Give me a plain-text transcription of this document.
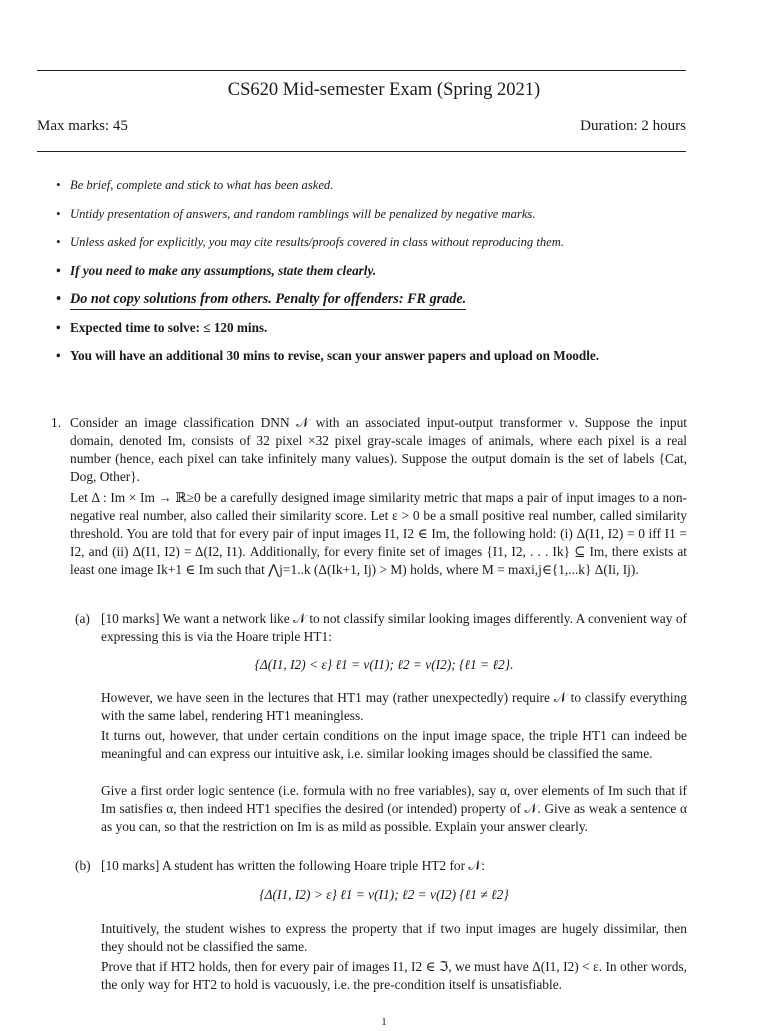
CS620 Mid-semester Exam (Spring 2021)
Max marks: 45	Duration: 2 hours
• Be brief, complete and stick to what has been asked.
• Untidy presentation of answers, and random ramblings will be penalized by negative marks.
• Unless asked for explicitly, you may cite results/proofs covered in class without reproducing them.
• If you need to make any assumptions, state them clearly.
• Do not copy solutions from others. Penalty for offenders: FR grade.
• Expected time to solve: ≤ 120 mins.
• You will have an additional 30 mins to revise, scan your answer papers and upload on Moodle.
1. Consider an image classification DNN 𝒩 with an associated input-output transformer ν. Suppose the input domain, denoted Im, consists of 32 pixel ×32 pixel gray-scale images of animals, where each pixel is a real number (hence, each pixel can take infinitely many values). Suppose the output domain is the set of labels {Cat, Dog, Other}.

Let Δ : Im × Im → ℝ≥0 be a carefully designed image similarity metric that maps a pair of input images to a non-negative real number, also called their similarity score. Let ε > 0 be a small positive real number, called similarity threshold. You are told that for every pair of input images I1, I2 ∈ Im, the following hold: (i) Δ(I1, I2) = 0 iff I1 = I2, and (ii) Δ(I1, I2) = Δ(I2, I1). Additionally, for every finite set of images {I1, I2, . . . Ik} ⊆ Im, there exists at least one image Ik+1 ∈ Im such that ⋀j=1..k (Δ(Ik+1, Ij) > M) holds, where M = maxi,j∈{1,...k} Δ(Ii, Ij).

(a) [10 marks] We want a network like 𝒩 to not classify similar looking images differently. A convenient way of expressing this is via the Hoare triple HT1:

{Δ(I1, I2) < ε} ℓ1 = ν(I1); ℓ2 = ν(I2); {ℓ1 = ℓ2}.

However, we have seen in the lectures that HT1 may (rather unexpectedly) require 𝒩 to classify everything with the same label, rendering HT1 meaningless.

It turns out, however, that under certain conditions on the input image space, the triple HT1 can indeed be meaningful and can express our intuitive ask, i.e. similar looking images should be classified the same.

Give a first order logic sentence (i.e. formula with no free variables), say α, over elements of Im such that if Im satisfies α, then indeed HT1 specifies the desired (or intended) property of 𝒩. Give as weak a sentence α as you can, so that the restriction on Im is as mild as possible. Explain your answer clearly.

(b) [10 marks] A student has written the following Hoare triple HT2 for 𝒩:

{Δ(I1, I2) > ε} ℓ1 = ν(I1); ℓ2 = ν(I2) {ℓ1 ≠ ℓ2}

Intuitively, the student wishes to express the property that if two input images are hugely dissimilar, then they should not be classified the same.

Prove that if HT2 holds, then for every pair of images I1, I2 ∈ ℑ, we must have Δ(I1, I2) < ε. In other words, the only way for HT2 to hold is vacuously, i.e. the pre-condition itself is unsatisfiable.

1
